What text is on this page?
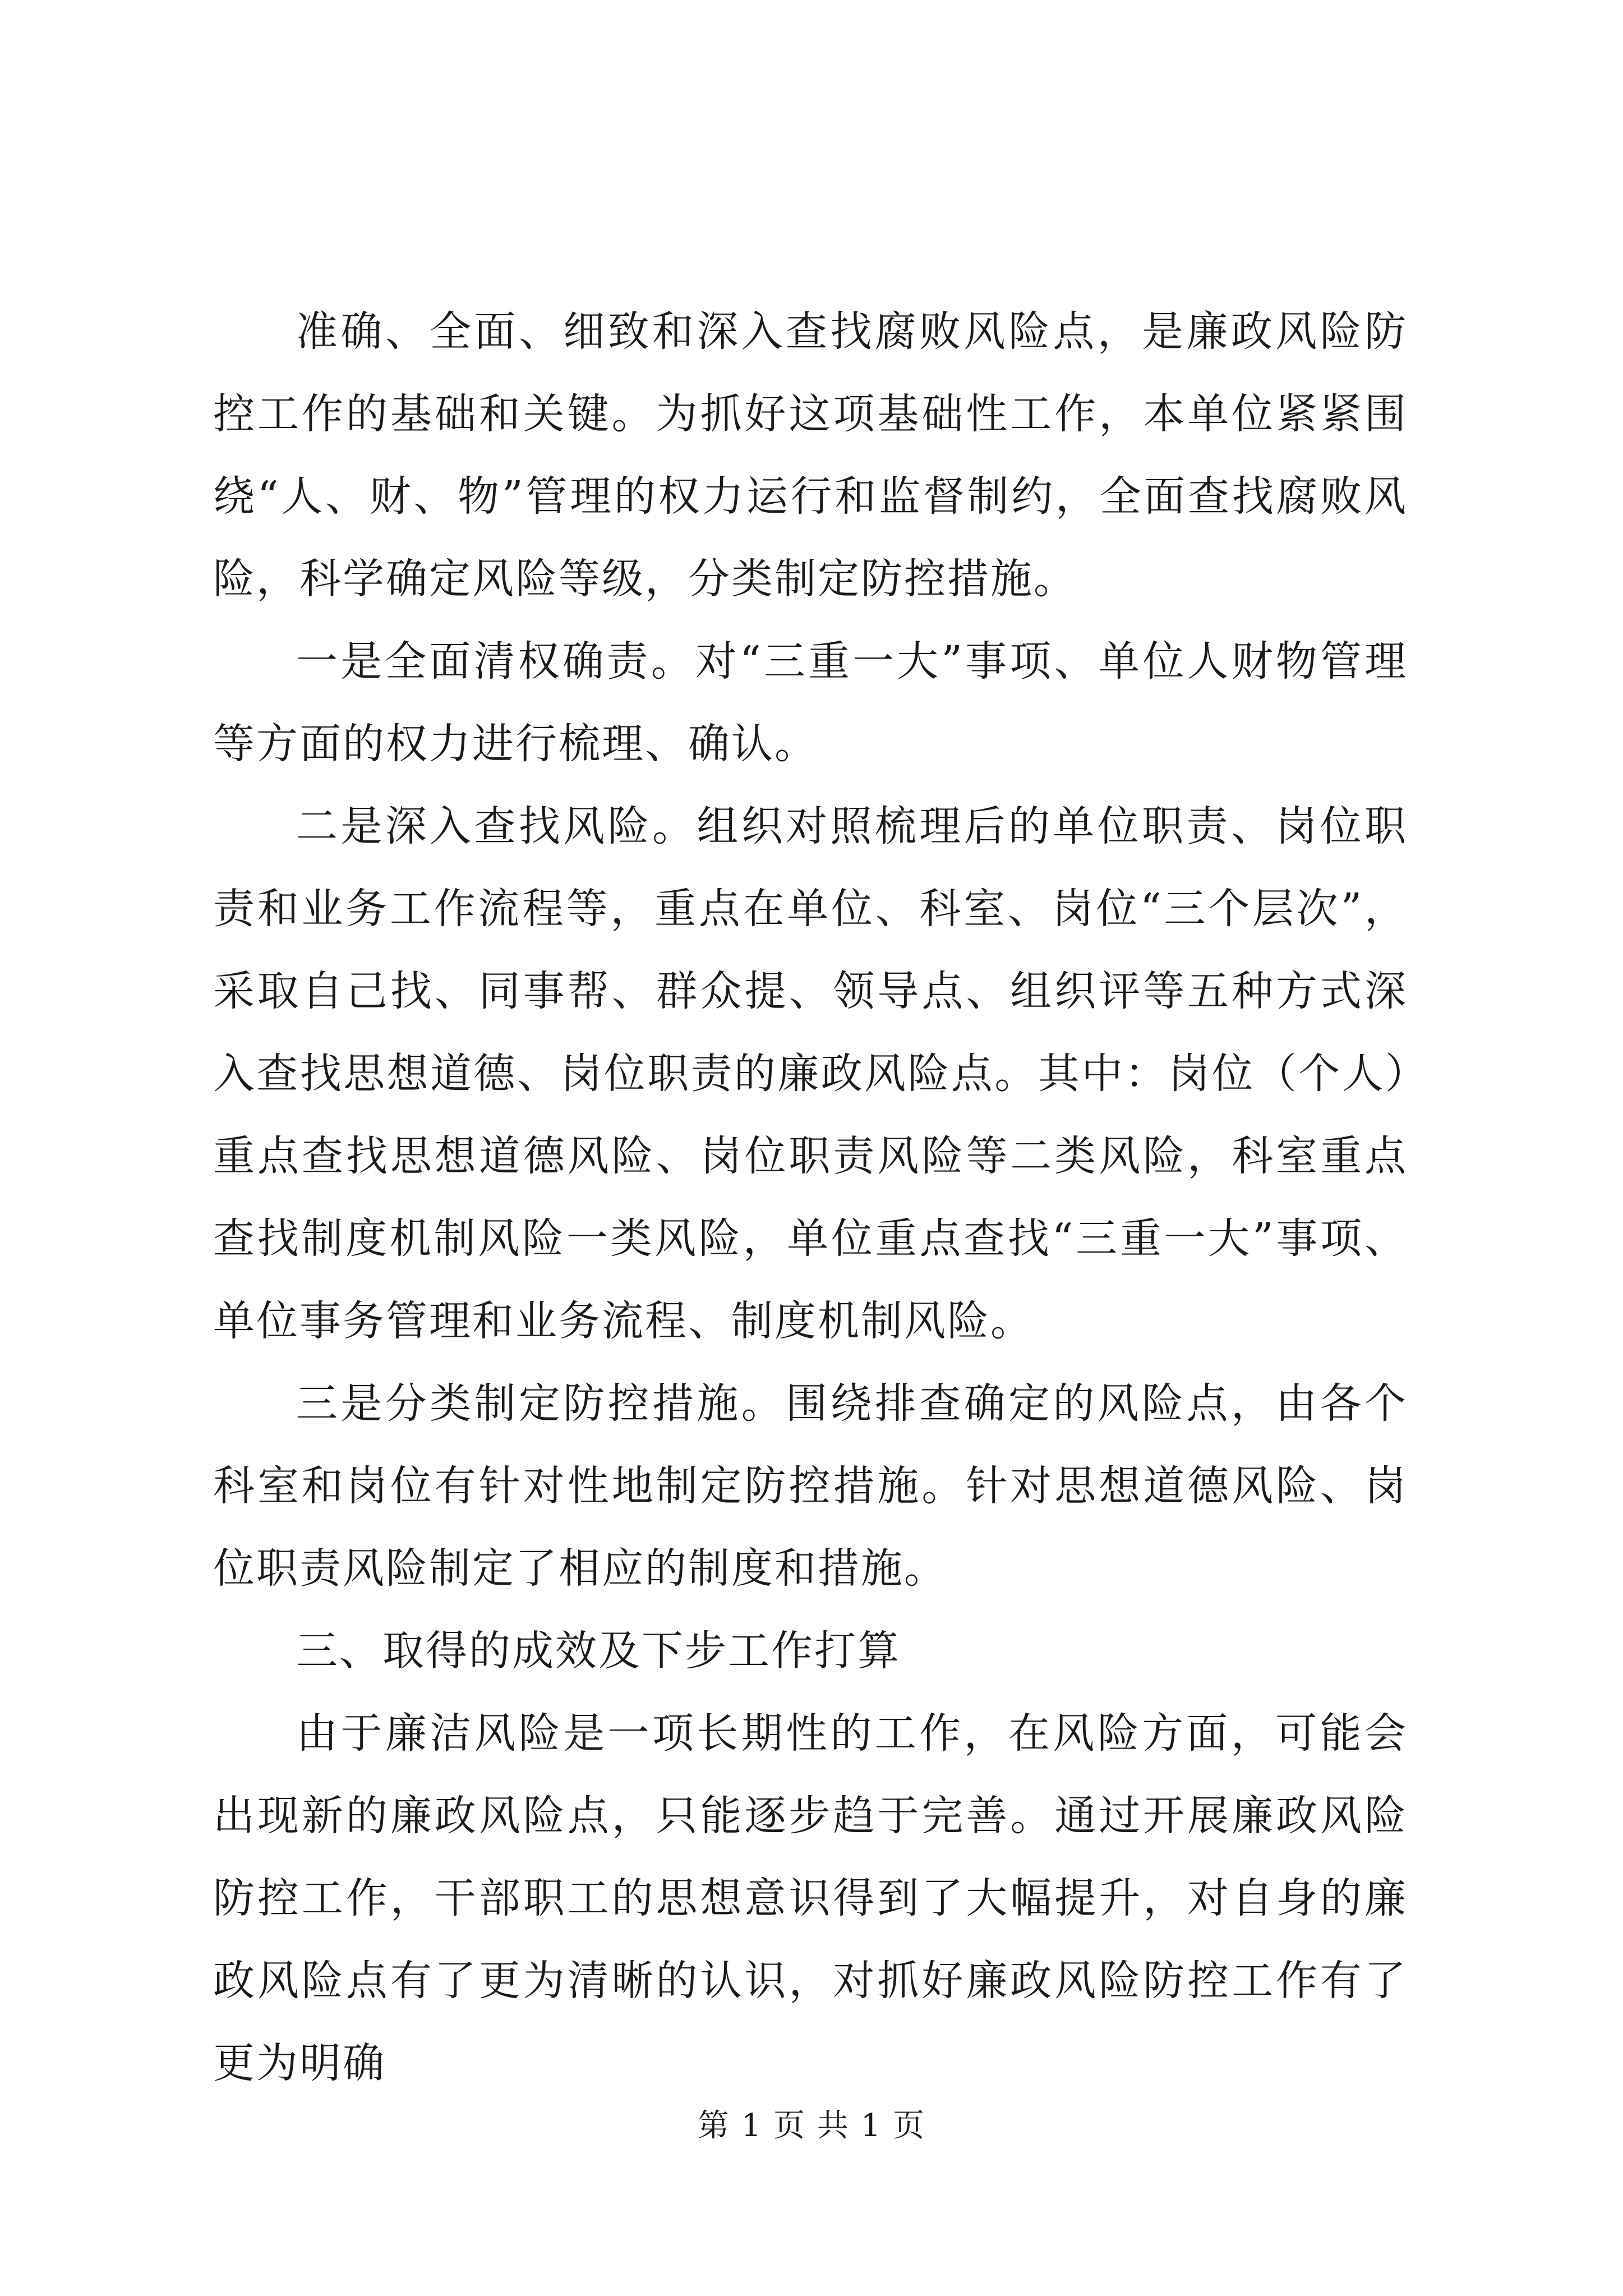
准确、全面、细致和深入查找腐败风险点，是廉政风险防控工作的基础和关键。为抓好这项基础性工作，本单位紧紧围绕“人、财、物”管理的权力运行和监督制约，全面查找腐败风险，科学确定风险等级，分类制定防控措施。

一是全面清权确责。对“三重一大”事项、单位人财物管理等方面的权力进行梳理、确认。

二是深入查找风险。组织对照梳理后的单位职责、岗位职责和业务工作流程等，重点在单位、科室、岗位“三个层次”，采取自己找、同事帮、群众提、领导点、组织评等五种方式深入查找思想道德、岗位职责的廉政风险点。其中：岗位（个人）重点查找思想道德风险、岗位职责风险等二类风险，科室重点查找制度机制风险一类风险，单位重点查找“三重一大”事项、单位事务管理和业务流程、制度机制风险。

三是分类制定防控措施。围绕排查确定的风险点，由各个科室和岗位有针对性地制定防控措施。针对思想道德风险、岗位职责风险制定了相应的制度和措施。

三、取得的成效及下步工作打算

由于廉洁风险是一项长期性的工作，在风险方面，可能会出现新的廉政风险点，只能逐步趋于完善。通过开展廉政风险防控工作，干部职工的思想意识得到了大幅提升，对自身的廉政风险点有了更为清晰的认识，对抓好廉政风险防控工作有了更为明确

第 1 页 共 1 页
